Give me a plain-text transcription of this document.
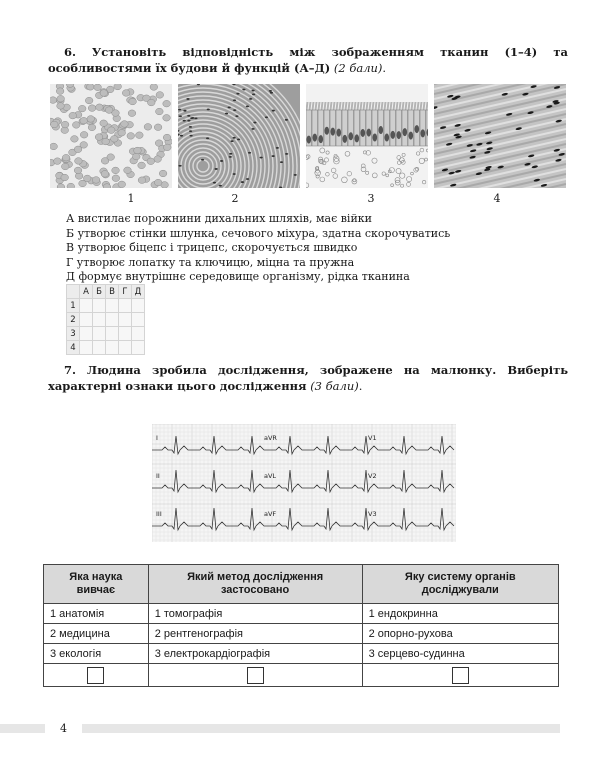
6. Установіть відповідність між зображенням тканин (1–4) та особливостями їх будови й функцій (А–Д) (2 бали).
1	2	3	4
А вистилає порожнини дихальних шляхів, має війки
Б утворює стінки шлунка, сечового міхура, здатна скорочуватись
В утворює біцепс і трицепс, скорочується швидко
Г утворює лопатку та ключицю, міцна та пружна
Д формує внутрішнє середовище організму, рідка тканина
	А	Б	В	Г	Д
1					
2					
3					
4					
7. Людина зробила дослідження, зображене на малюнку. Виберіть характерні ознаки цього дослідження (3 бали).
I	aVR	V1
II	aVL	V2
III	aVF	V3
Яка наука вивчає	Який метод дослідження застосовано	Яку систему органів досліджували
1 анатомія	1 томографія	1 ендокринна
2 медицина	2 рентгенографія	2 опорно-рухова
3 екологія	3 електрокардіографія	3 серцево-судинна

4
